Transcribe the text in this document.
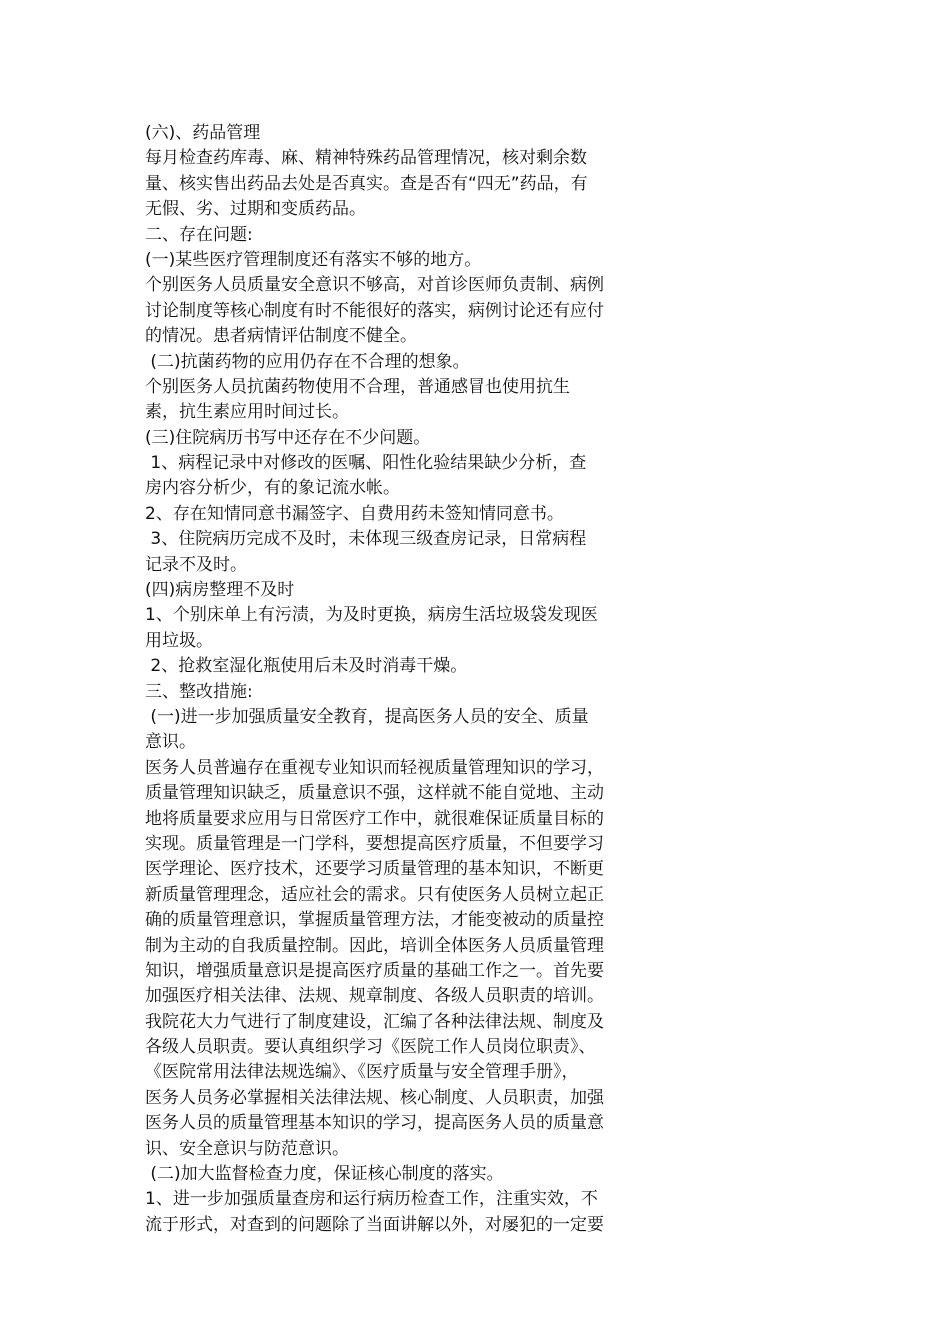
(六)、药品管理
每月检查药库毒、麻、精神特殊药品管理情况，核对剩余数
量、核实售出药品去处是否真实。查是否有“四无”药品，有
无假、劣、过期和变质药品。
二、存在问题:
(一)某些医疗管理制度还有落实不够的地方。
个别医务人员质量安全意识不够高，对首诊医师负责制、病例
讨论制度等核心制度有时不能很好的落实，病例讨论还有应付
的情况。患者病情评估制度不健全。
(二)抗菌药物的应用仍存在不合理的想象。
个别医务人员抗菌药物使用不合理，普通感冒也使用抗生
素，抗生素应用时间过长。
(三)住院病历书写中还存在不少问题。
1、病程记录中对修改的医嘱、阳性化验结果缺少分析，查
房内容分析少，有的象记流水帐。
2、存在知情同意书漏签字、自费用药未签知情同意书。
3、住院病历完成不及时，未体现三级查房记录，日常病程
记录不及时。
(四)病房整理不及时
1、个别床单上有污渍，为及时更换，病房生活垃圾袋发现医
用垃圾。
2、抢救室湿化瓶使用后未及时消毒干燥。
三、整改措施:
(一)进一步加强质量安全教育，提高医务人员的安全、质量
意识。
医务人员普遍存在重视专业知识而轻视质量管理知识的学习，
质量管理知识缺乏，质量意识不强，这样就不能自觉地、主动
地将质量要求应用与日常医疗工作中，就很难保证质量目标的
实现。质量管理是一门学科，要想提高医疗质量，不但要学习
医学理论、医疗技术，还要学习质量管理的基本知识，不断更
新质量管理理念，适应社会的需求。只有使医务人员树立起正
确的质量管理意识，掌握质量管理方法，才能变被动的质量控
制为主动的自我质量控制。因此，培训全体医务人员质量管理
知识，增强质量意识是提高医疗质量的基础工作之一。首先要
加强医疗相关法律、法规、规章制度、各级人员职责的培训。
我院花大力气进行了制度建设，汇编了各种法律法规、制度及
各级人员职责。要认真组织学习《医院工作人员岗位职责》、
《医院常用法律法规选编》、《医疗质量与安全管理手册》，
医务人员务必掌握相关法律法规、核心制度、人员职责，加强
医务人员的质量管理基本知识的学习，提高医务人员的质量意
识、安全意识与防范意识。
(二)加大监督检查力度，保证核心制度的落实。
1、进一步加强质量查房和运行病历检查工作，注重实效，不
流于形式，对查到的问题除了当面讲解以外，对屡犯的一定要
